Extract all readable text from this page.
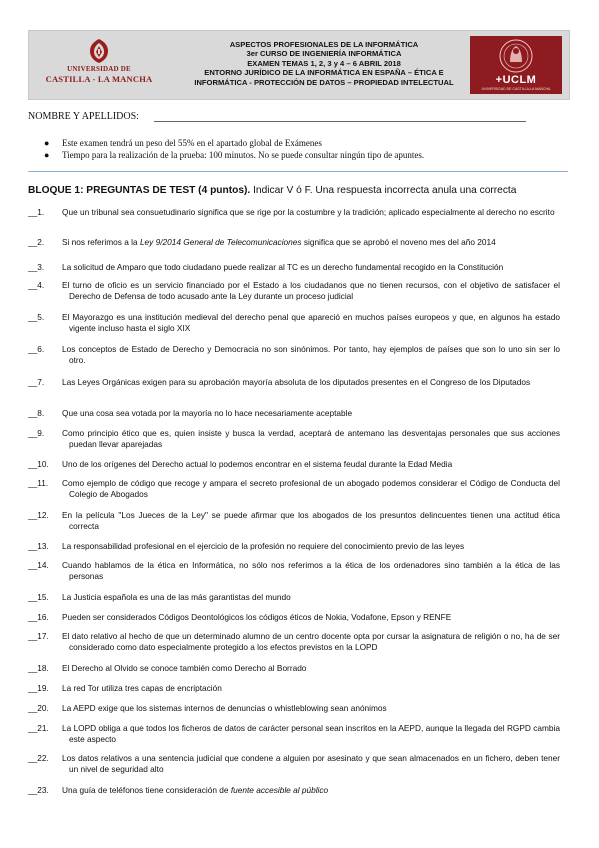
UNIVERSIDAD DE
CASTILLA - LA MANCHA
ASPECTOS PROFESIONALES DE LA INFORMÁTICA
3er CURSO DE INGENIERÍA INFORMÁTICA
EXAMEN TEMAS 1, 2, 3 y 4 – 6 ABRIL 2018
ENTORNO JURÍDICO DE LA INFORMÁTICA EN ESPAÑA – ÉTICA E
INFORMÁTICA - PROTECCIÓN DE DATOS – PROPIEDAD INTELECTUAL	+UCLM
UNIVERSIDAD DE CASTILLA-LA MANCHA
NOMBRE Y APELLIDOS:
● Este examen tendrá un peso del 55% en el apartado global de Exámenes
● Tiempo para la realización de la prueba: 100 minutos. No se puede consultar ningún tipo de apuntes.
BLOQUE 1: PREGUNTAS DE TEST (4 puntos). Indicar V ó F. Una respuesta incorrecta anula una correcta
__1. Que un tribunal sea consuetudinario significa que se rige por la costumbre y la tradición; aplicado especialmente al derecho no escrito
__2. Si nos referimos a la Ley 9/2014 General de Telecomunicaciones significa que se aprobó el noveno mes del año 2014
__3. La solicitud de Amparo que todo ciudadano puede realizar al TC es un derecho fundamental recogido en la Constitución
__4. El turno de oficio es un servicio financiado por el Estado a los ciudadanos que no tienen recursos, con el objetivo de satisfacer el Derecho de Defensa de todo acusado ante la Ley durante un proceso judicial
__5. El Mayorazgo es una institución medieval del derecho penal que apareció en muchos países europeos y que, en algunos ha estado vigente incluso hasta el siglo XIX
__6. Los conceptos de Estado de Derecho y Democracia no son sinónimos. Por tanto, hay ejemplos de países que son lo uno sin ser lo otro.
__7. Las Leyes Orgánicas exigen para su aprobación mayoría absoluta de los diputados presentes en el Congreso de los Diputados
__8. Que una cosa sea votada por la mayoría no lo hace necesariamente aceptable
__9. Como principio ético que es, quien insiste y busca la verdad, aceptará de antemano las desventajas personales que sus acciones puedan llevar aparejadas
__10. Uno de los orígenes del Derecho actual lo podemos encontrar en el sistema feudal durante la Edad Media
__11. Como ejemplo de código que recoge y ampara el secreto profesional de un abogado podemos considerar el Código de Conducta del Colegio de Abogados
__12. En la película "Los Jueces de la Ley" se puede afirmar que los abogados de los presuntos delincuentes tienen una actitud ética correcta
__13. La responsabilidad profesional en el ejercicio de la profesión no requiere del conocimiento previo de las leyes
__14. Cuando hablamos de la ética en Informática, no sólo nos referimos a la ética de los ordenadores sino también a la ética de las personas
__15. La Justicia española es una de las más garantistas del mundo
__16. Pueden ser considerados Códigos Deontológicos los códigos éticos de Nokia, Vodafone, Epson y RENFE
__17. El dato relativo al hecho de que un determinado alumno de un centro docente opta por cursar la asignatura de religión o no, ha de ser considerado como dato especialmente protegido a los efectos previstos en la LOPD
__18. El Derecho al Olvido se conoce también como Derecho al Borrado
__19. La red Tor utiliza tres capas de encriptación
__20. La AEPD exige que los sistemas internos de denuncias o whistleblowing sean anónimos
__21. La LOPD obliga a que todos los ficheros de datos de carácter personal sean inscritos en la AEPD, aunque la llegada del RGPD cambia este aspecto
__22. Los datos relativos a una sentencia judicial que condene a alguien por asesinato y que sean almacenados en un fichero, deben tener un nivel de seguridad alto
__23. Una guía de teléfonos tiene consideración de fuente accesible al público
